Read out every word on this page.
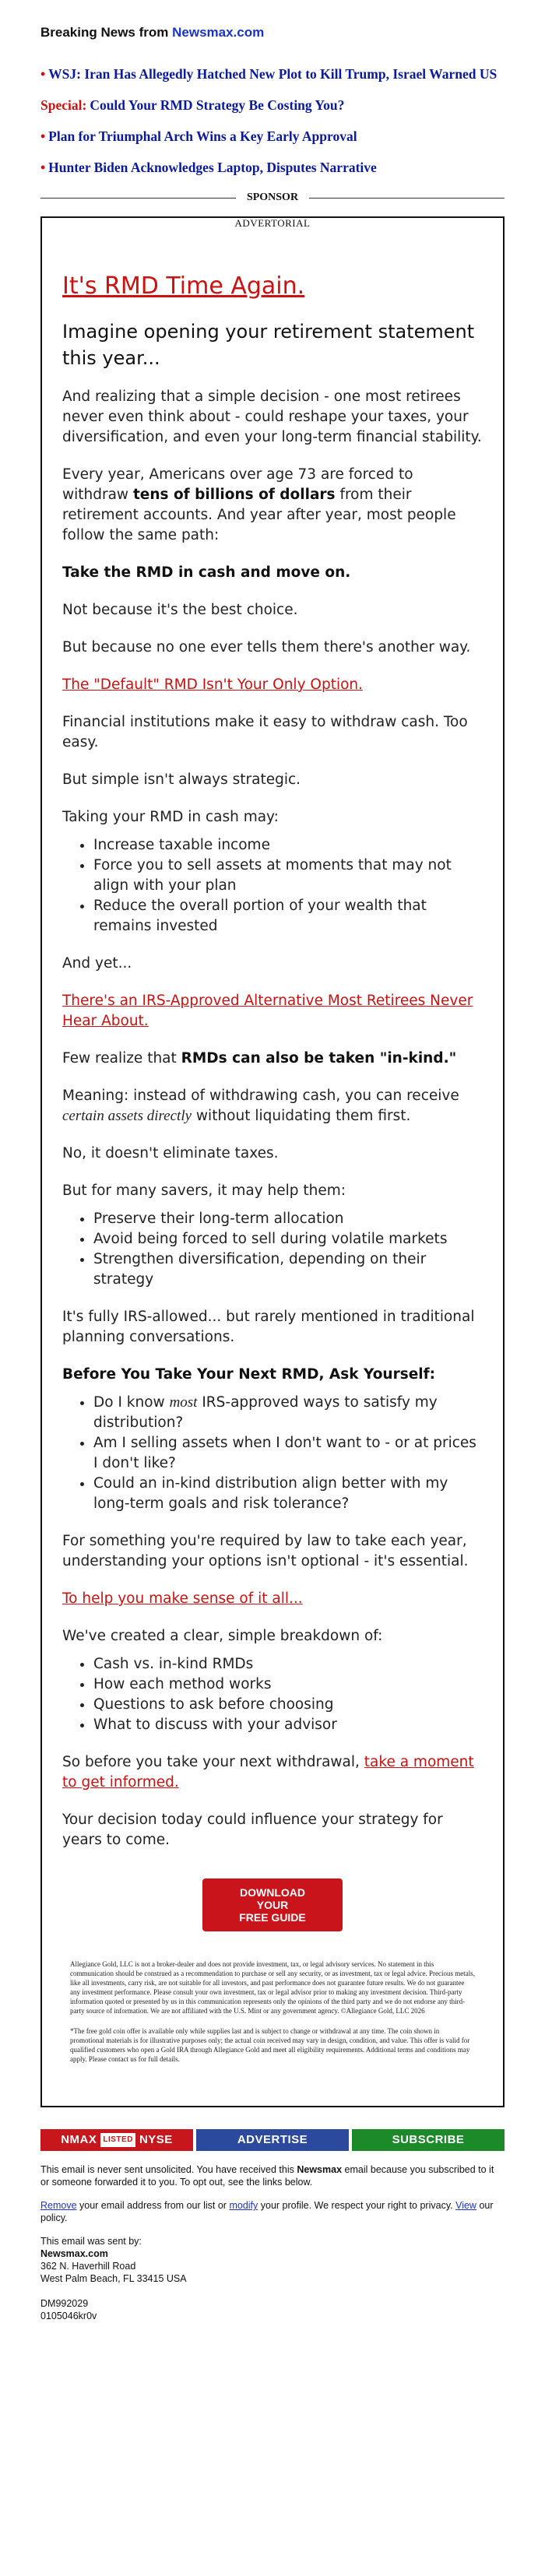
Breaking News from Newsmax.com
• WSJ: Iran Has Allegedly Hatched New Plot to Kill Trump, Israel Warned US
Special: Could Your RMD Strategy Be Costing You?
• Plan for Triumphal Arch Wins a Key Early Approval
• Hunter Biden Acknowledges Laptop, Disputes Narrative
SPONSOR
ADVERTORIAL
It's RMD Time Again.
Imagine opening your retirement statement this year...

And realizing that a simple decision - one most retirees never even think about - could reshape your taxes, your diversification, and even your long-term financial stability.

Every year, Americans over age 73 are forced to withdraw tens of billions of dollars from their retirement accounts. And year after year, most people follow the same path:

Take the RMD in cash and move on.

Not because it's the best choice.

But because no one ever tells them there's another way.

The "Default" RMD Isn't Your Only Option.

Financial institutions make it easy to withdraw cash. Too easy.

But simple isn't always strategic.

Taking your RMD in cash may:

• Increase taxable income
• Force you to sell assets at moments that may not
align with your plan
• Reduce the overall portion of your wealth that remains invested

And yet...

There's an IRS-Approved Alternative Most Retirees Never Hear About.

Few realize that RMDs can also be taken "in-kind."

Meaning: instead of withdrawing cash, you can receive certain assets directly without liquidating them first.

No, it doesn't eliminate taxes.

But for many savers, it may help them:

• Preserve their long-term allocation
• Avoid being forced to sell during volatile markets
• Strengthen diversification, depending on their strategy

It's fully IRS-allowed... but rarely mentioned in traditional planning conversations.

Before You Take Your Next RMD, Ask Yourself:

• Do I know most IRS-approved ways to satisfy my distribution?
• Am I selling assets when I don't want to - or at prices I don't like?
• Could an in-kind distribution align better with my long-term goals and risk tolerance?

For something you're required by law to take each year, understanding your options isn't optional - it's essential.

To help you make sense of it all...

We've created a clear, simple breakdown of:

• Cash vs. in-kind RMDs
• How each method works
• Questions to ask before choosing
• What to discuss with your advisor

So before you take your next withdrawal, take a moment to get informed.

Your decision today could influence your strategy for years to come.

DOWNLOAD YOUR
FREE GUIDE

Allegiance Gold, LLC is not a broker-dealer and does not provide investment, tax, or legal advisory services. No statement in this communication should be construed as a recommendation to purchase or sell any security, or as investment, tax or legal advice. Precious metals, like all investments, carry risk, are not suitable for all investors, and past performance does not guarantee future results. We do not guarantee any investment performance. Please consult your own investment, tax or legal advisor prior to making any investment decision. Third-party information quoted or presented by us in this communication represents only the opinions of the third party and we do not endorse any third-party source of information. We are not affiliated with the U.S. Mint or any government agency. ©Allegiance Gold, LLC 2026

*The free gold coin offer is available only while supplies last and is subject to change or withdrawal at any time. The coin shown in promotional materials is for illustrative purposes only; the actual coin received may vary in design, condition, and value. This offer is valid for qualified customers who open a Gold IRA through Allegiance Gold and meet all eligibility requirements. Additional terms and conditions may apply. Please contact us for full details.

NMAX LISTED NYSE	ADVERTISE	SUBSCRIBE

This email is never sent unsolicited. You have received this Newsmax email because you subscribed to it or someone forwarded it to you. To opt out, see the links below.

Remove your email address from our list or modify your profile. We respect your right to privacy. View our policy.

This email was sent by:

Newsmax.com

362 N. Haverhill Road

West Palm Beach, FL 33415 USA

DM992029

0105046kr0v
